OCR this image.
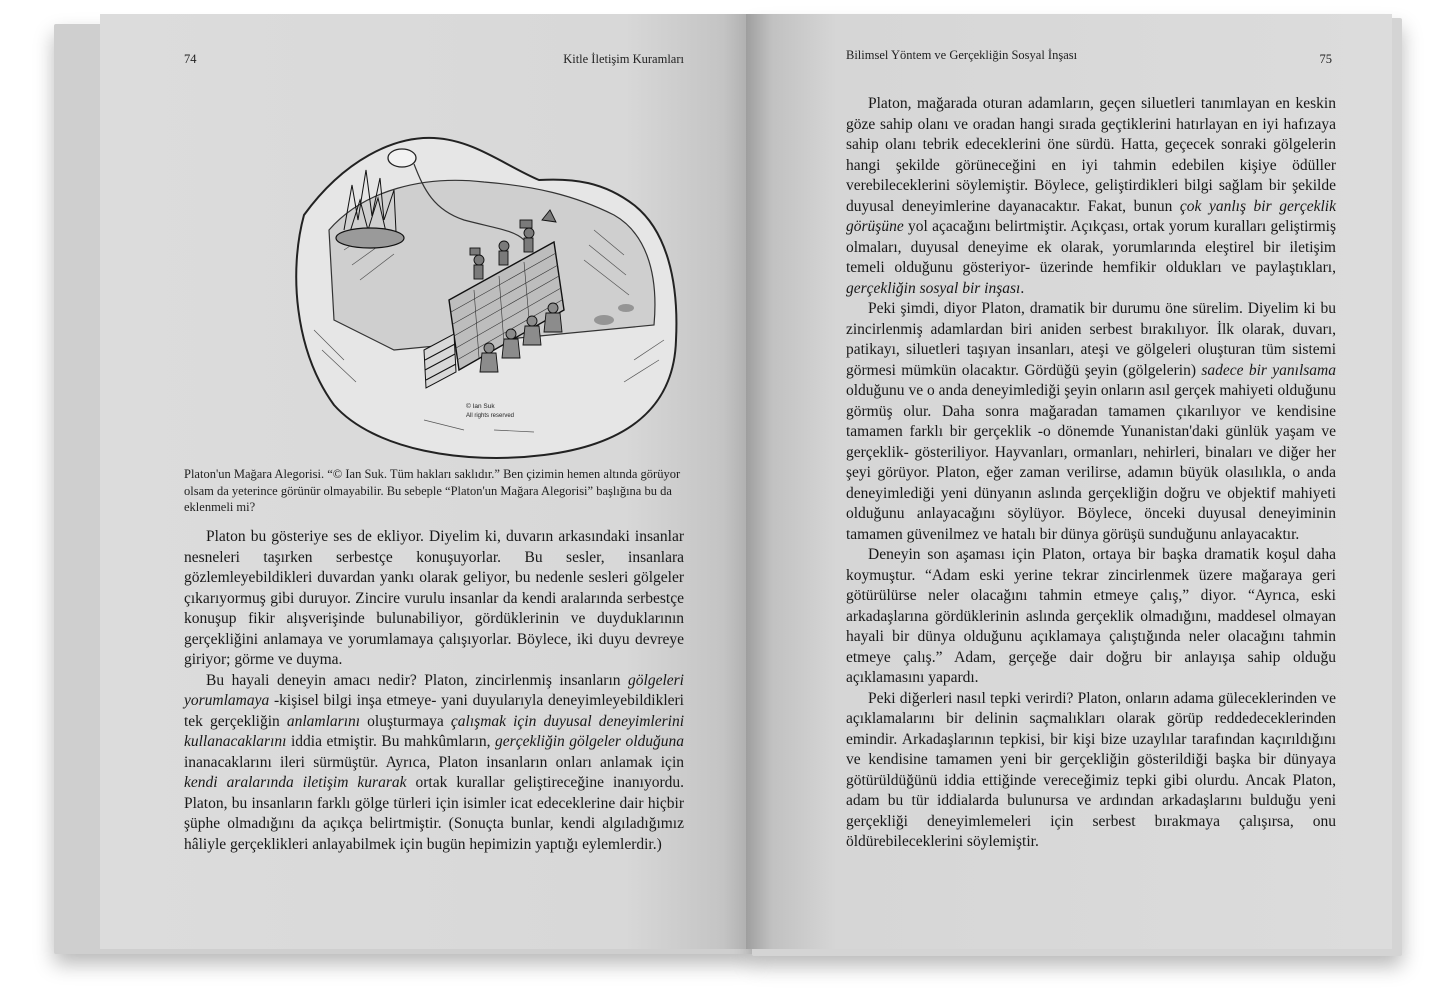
74	Kitle İletişim Kuramları
© Ian Suk
All rights reserved
Platon'un Mağara Alegorisi. “© Ian Suk. Tüm hakları saklıdır.” Ben çizimin hemen altında görüyor olsam da yeterince görünür olmayabilir. Bu sebeple “Platon'un Mağara Alegorisi” başlığına bu da eklenmeli mi?

Platon bu gösteriye ses de ekliyor. Diyelim ki, duvarın arkasındaki insanlar nesneleri taşırken serbestçe konuşuyorlar. Bu sesler, insanlara gözlemleyebildikleri duvardan yankı olarak geliyor, bu nedenle sesleri gölgeler çıkarıyormuş gibi duruyor. Zincire vurulu insanlar da kendi aralarında serbestçe konuşup fikir alışverişinde bulunabiliyor, gördüklerinin ve duyduklarının gerçekliğini anlamaya ve yorumlamaya çalışıyorlar. Böylece, iki duyu devreye giriyor; görme ve duyma.

Bu hayali deneyin amacı nedir? Platon, zincirlenmiş insanların gölgeleri yorumlamaya -kişisel bilgi inşa etmeye- yani duyularıyla deneyimleyebildikleri tek gerçekliğin anlamlarını oluşturmaya çalışmak için duyusal deneyimlerini kullanacaklarını iddia etmiştir. Bu mahkûmların, gerçekliğin gölgeler olduğuna inanacaklarını ileri sürmüştür. Ayrıca, Platon insanların onları anlamak için kendi aralarında iletişim kurarak ortak kurallar geliştireceğine inanıyordu. Platon, bu insanların farklı gölge türleri için isimler icat edeceklerine dair hiçbir şüphe olmadığını da açıkça belirtmiştir. (Sonuçta bunlar, kendi algıladığımız hâliyle gerçeklikleri anlayabilmek için bugün hepimizin yaptığı eylemlerdir.)

Bilimsel Yöntem ve Gerçekliğin Sosyal İnşası	75

Platon, mağarada oturan adamların, geçen siluetleri tanımlayan en keskin göze sahip olanı ve oradan hangi sırada geçtiklerini hatırlayan en iyi hafızaya sahip olanı tebrik edeceklerini öne sürdü. Hatta, geçecek sonraki gölgelerin hangi şekilde görüneceğini en iyi tahmin edebilen kişiye ödüller verebileceklerini söylemiştir. Böylece, geliştirdikleri bilgi sağlam bir şekilde duyusal deneyimlerine dayanacaktır. Fakat, bunun çok yanlış bir gerçeklik görüşüne yol açacağını belirtmiştir. Açıkçası, ortak yorum kuralları geliştirmiş olmaları, duyusal deneyime ek olarak, yorumlarında eleştirel bir iletişim temeli olduğunu gösteriyor- üzerinde hemfikir oldukları ve paylaştıkları, gerçekliğin sosyal bir inşası.

Peki şimdi, diyor Platon, dramatik bir durumu öne sürelim. Diyelim ki bu zincirlenmiş adamlardan biri aniden serbest bırakılıyor. İlk olarak, duvarı, patikayı, siluetleri taşıyan insanları, ateşi ve gölgeleri oluşturan tüm sistemi görmesi mümkün olacaktır. Gördüğü şeyin (gölgelerin) sadece bir yanılsama olduğunu ve o anda deneyimlediği şeyin onların asıl gerçek mahiyeti olduğunu görmüş olur. Daha sonra mağaradan tamamen çıkarılıyor ve kendisine tamamen farklı bir gerçeklik -o dönemde Yunanistan'daki günlük yaşam ve gerçeklik- gösteriliyor. Hayvanları, ormanları, nehirleri, binaları ve diğer her şeyi görüyor. Platon, eğer zaman verilirse, adamın büyük olasılıkla, o anda deneyimlediği yeni dünyanın aslında gerçekliğin doğru ve objektif mahiyeti olduğunu anlayacağını söylüyor. Böylece, önceki duyusal deneyiminin tamamen güvenilmez ve hatalı bir dünya görüşü sunduğunu anlayacaktır.

Deneyin son aşaması için Platon, ortaya bir başka dramatik koşul daha koymuştur. “Adam eski yerine tekrar zincirlenmek üzere mağaraya geri götürülürse neler olacağını tahmin etmeye çalış,” diyor. “Ayrıca, eski arkadaşlarına gördüklerinin aslında gerçeklik olmadığını, maddesel olmayan hayali bir dünya olduğunu açıklamaya çalıştığında neler olacağını tahmin etmeye çalış.” Adam, gerçeğe dair doğru bir anlayışa sahip olduğu açıklamasını yapardı.

Peki diğerleri nasıl tepki verirdi? Platon, onların adama güleceklerinden ve açıklamalarını bir delinin saçmalıkları olarak görüp reddedeceklerinden emindir. Arkadaşlarının tepkisi, bir kişi bize uzaylılar tarafından kaçırıldığını ve kendisine tamamen yeni bir gerçekliğin gösterildiği başka bir dünyaya götürüldüğünü iddia ettiğinde vereceğimiz tepki gibi olurdu. Ancak Platon, adam bu tür iddialarda bulunursa ve ardından arkadaşlarını bulduğu yeni gerçekliği deneyimlemeleri için serbest bırakmaya çalışırsa, onu öldürebileceklerini söylemiştir.
